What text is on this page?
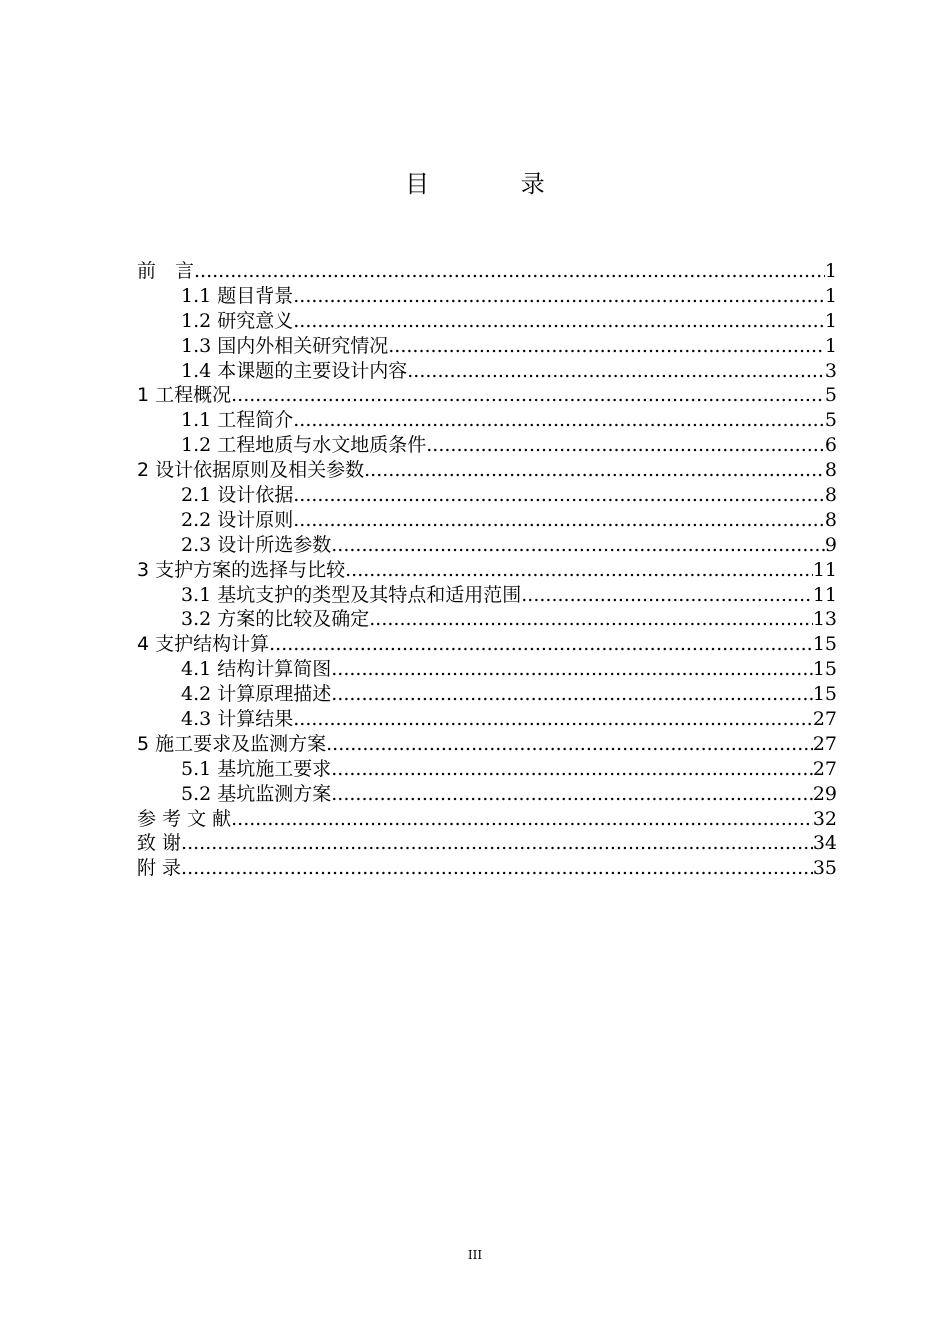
目 录
前　言 .....	1
1.1 题目背景 .....	1
1.2 研究意义 .....	1
1.3 国内外相关研究情况 .....	1
1.4 本课题的主要设计内容 .....	3
1 工程概况 .....	5
1.1 工程简介 .....	5
1.2 工程地质与水文地质条件 .....	6
2 设计依据原则及相关参数 .....	8
2.1 设计依据 .....	8
2.2 设计原则 .....	8
2.3 设计所选参数 .....	9
3 支护方案的选择与比较 .....	11
3.1 基坑支护的类型及其特点和适用范围 .....	11
3.2 方案的比较及确定 .....	13
4 支护结构计算 .....	15
4.1 结构计算简图 .....	15
4.2 计算原理描述 .....	15
4.3 计算结果 .....	27
5 施工要求及监测方案 .....	27
5.1 基坑施工要求 .....	27
5.2 基坑监测方案 .....	29
参 考 文 献 .....	32
致 谢 .....	34
附 录 .....	35
III
